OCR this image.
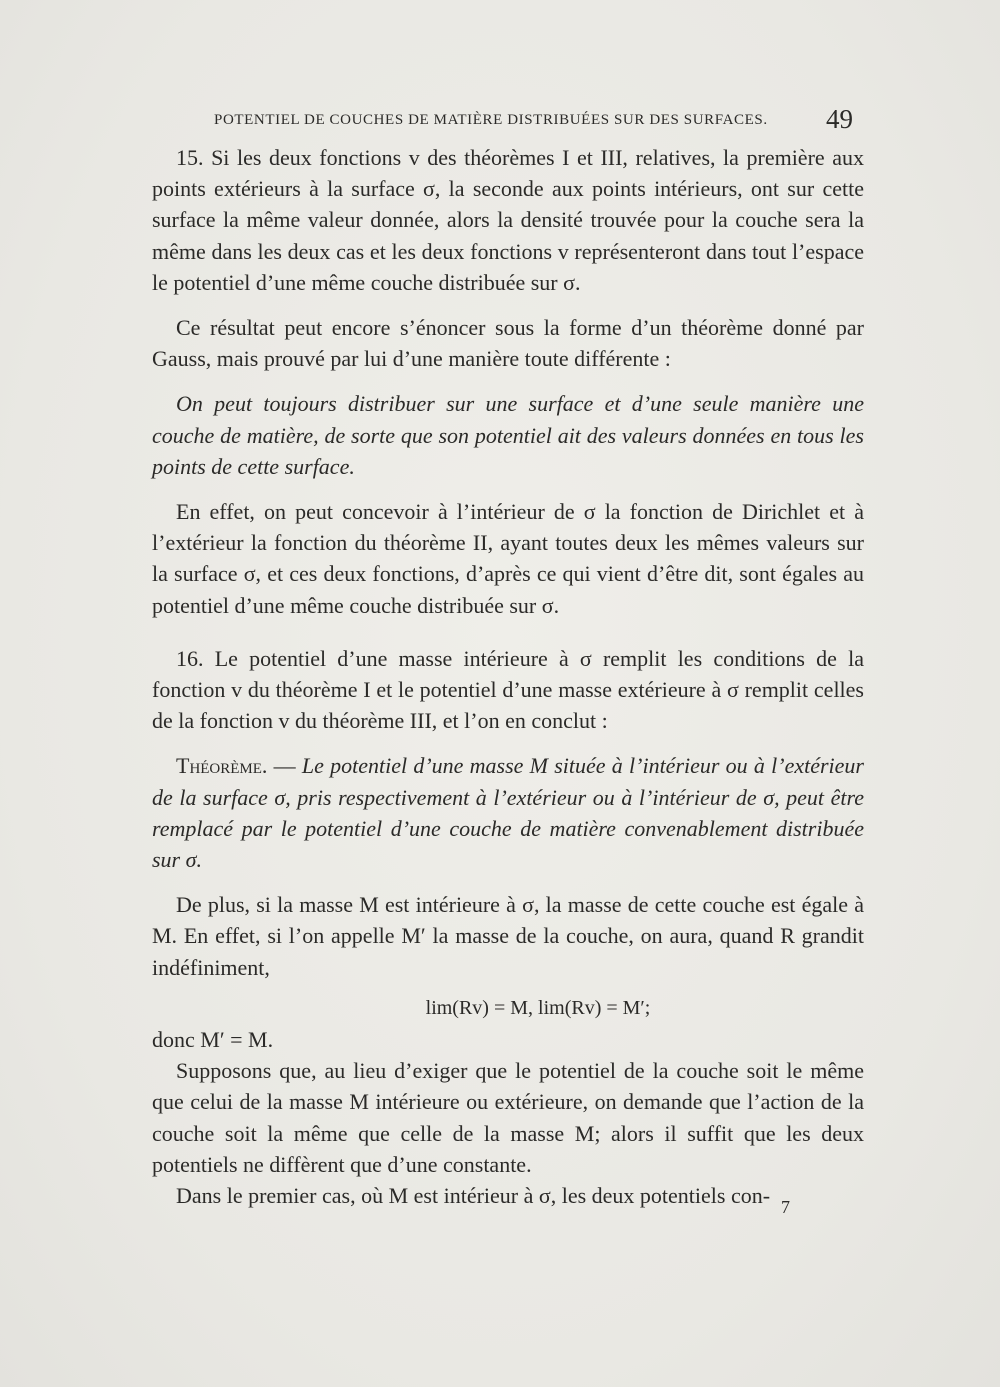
POTENTIEL DE COUCHES DE MATIÈRE DISTRIBUÉES SUR DES SURFACES.	49

15. Si les deux fonctions v des théorèmes I et III, relatives, la première aux points extérieurs à la surface σ, la seconde aux points intérieurs, ont sur cette surface la même valeur donnée, alors la densité trouvée pour la couche sera la même dans les deux cas et les deux fonctions v représenteront dans tout l’espace le potentiel d’une même couche distribuée sur σ.

Ce résultat peut encore s’énoncer sous la forme d’un théorème donné par Gauss, mais prouvé par lui d’une manière toute différente :

On peut toujours distribuer sur une surface et d’une seule manière une couche de matière, de sorte que son potentiel ait des valeurs données en tous les points de cette surface.

En effet, on peut concevoir à l’intérieur de σ la fonction de Dirichlet et à l’extérieur la fonction du théorème II, ayant toutes deux les mêmes valeurs sur la surface σ, et ces deux fonctions, d’après ce qui vient d’être dit, sont égales au potentiel d’une même couche distribuée sur σ.

16. Le potentiel d’une masse intérieure à σ remplit les conditions de la fonction v du théorème I et le potentiel d’une masse extérieure à σ remplit celles de la fonction v du théorème III, et l’on en conclut :

Théorème. — Le potentiel d’une masse M située à l’intérieur ou à l’extérieur de la surface σ, pris respectivement à l’extérieur ou à l’intérieur de σ, peut être remplacé par le potentiel d’une couche de matière convenablement distribuée sur σ.

De plus, si la masse M est intérieure à σ, la masse de cette couche est égale à M. En effet, si l’on appelle M′ la masse de la couche, on aura, quand R grandit indéfiniment,

lim(Rv) = M, lim(Rv) = M′;

donc M′ = M.

Supposons que, au lieu d’exiger que le potentiel de la couche soit le même que celui de la masse M intérieure ou extérieure, on demande que l’action de la couche soit la même que celle de la masse M; alors il suffit que les deux potentiels ne diffèrent que d’une constante.

Dans le premier cas, où M est intérieur à σ, les deux potentiels con- 7
